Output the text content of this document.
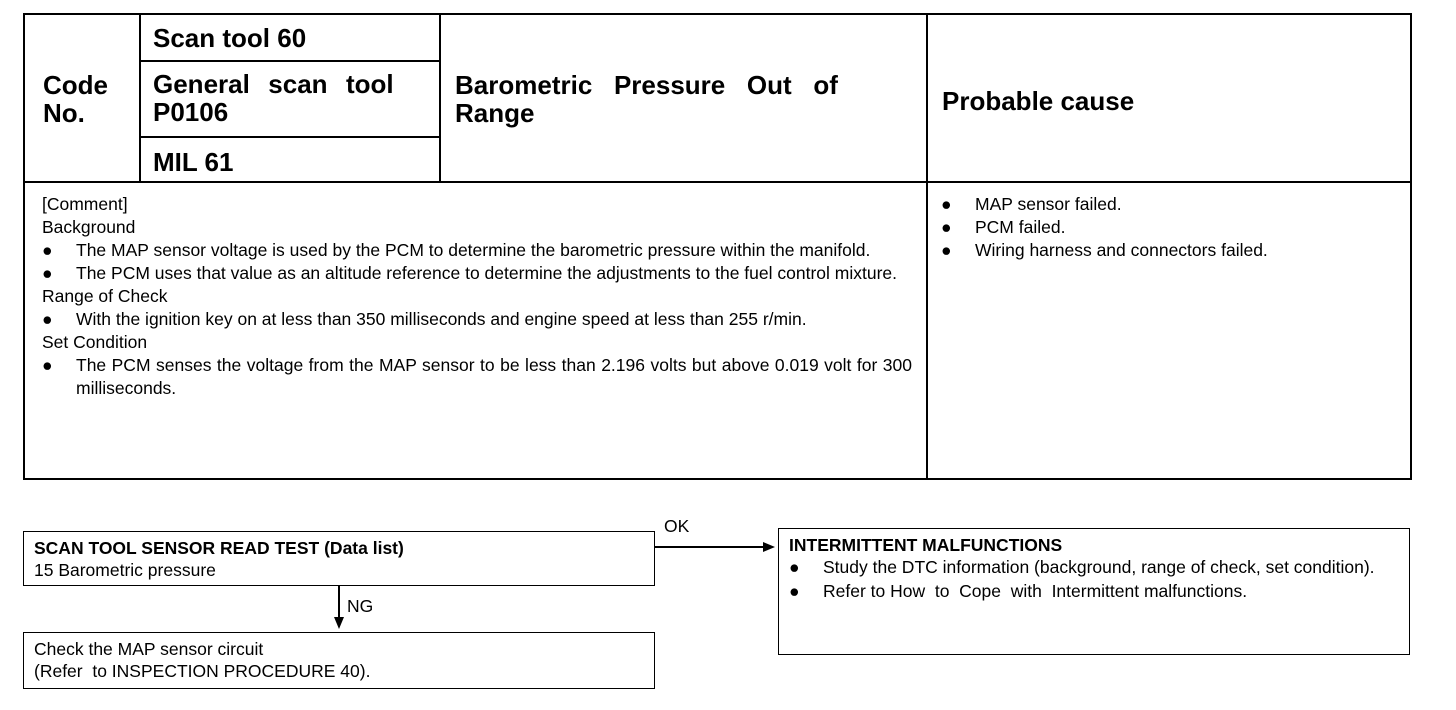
Code
No.
Scan tool 60
General  scan  tool
P0106
MIL 61
Barometric   Pressure   Out   of
Range	Probable cause
[Comment]
Background
● The MAP sensor voltage is used by the PCM to determine the barometric pressure within the manifold.
● The PCM uses that value as an altitude reference to determine the adjustments to the fuel control mixture.
Range of Check
● With the ignition key on at less than 350 milliseconds and engine speed at less than 255 r/min.
Set Condition
● The PCM senses the voltage from the MAP sensor to be less than 2.196 volts but above 0.019 volt for 300 milliseconds.
● MAP sensor failed.
● PCM failed.
● Wiring harness and connectors failed.
SCAN TOOL SENSOR READ TEST (Data list)
15 Barometric pressure
OK
NG
Check the MAP sensor circuit
(Refer  to INSPECTION PROCEDURE 40).
INTERMITTENT MALFUNCTIONS
● Study the DTC information (background, range of check, set condition).
● Refer to How  to  Cope  with  Intermittent malfunctions.
